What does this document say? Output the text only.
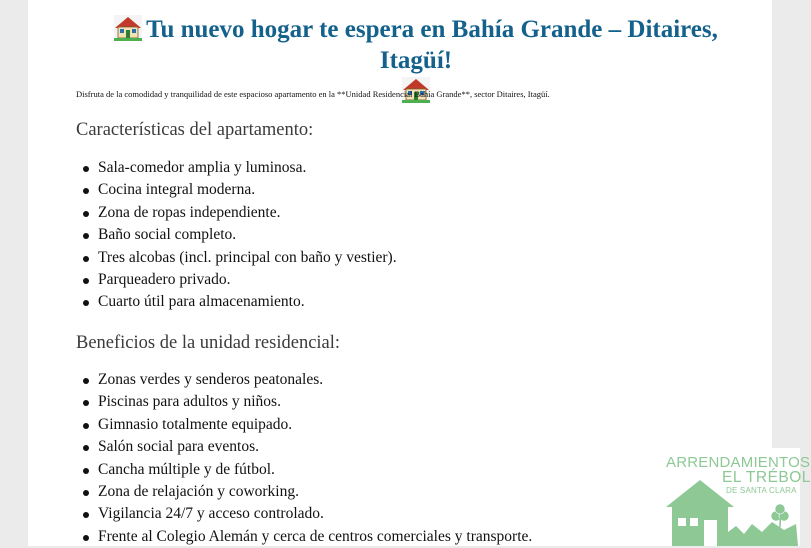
Tu nuevo hogar te espera en Bahía Grande – Ditaires, Itagüí!

Disfruta de la comodidad y tranquilidad de este espacioso apartamento en la **Unidad Residencial Bahía Grande**, sector Ditaires, Itagüí.

Características del apartamento:
Sala-comedor amplia y luminosa.
Cocina integral moderna.
Zona de ropas independiente.
Baño social completo.
Tres alcobas (incl. principal con baño y vestier).
Parqueadero privado.
Cuarto útil para almacenamiento.
Beneficios de la unidad residencial:
Zonas verdes y senderos peatonales.
Piscinas para adultos y niños.
Gimnasio totalmente equipado.
Salón social para eventos.
Cancha múltiple y de fútbol.
Zona de relajación y coworking.
Vigilancia 24/7 y acceso controlado.
Frente al Colegio Alemán y cerca de centros comerciales y transporte.
ARRENDAMIENTOS
EL TRÉBOL
DE SANTA CLARA
